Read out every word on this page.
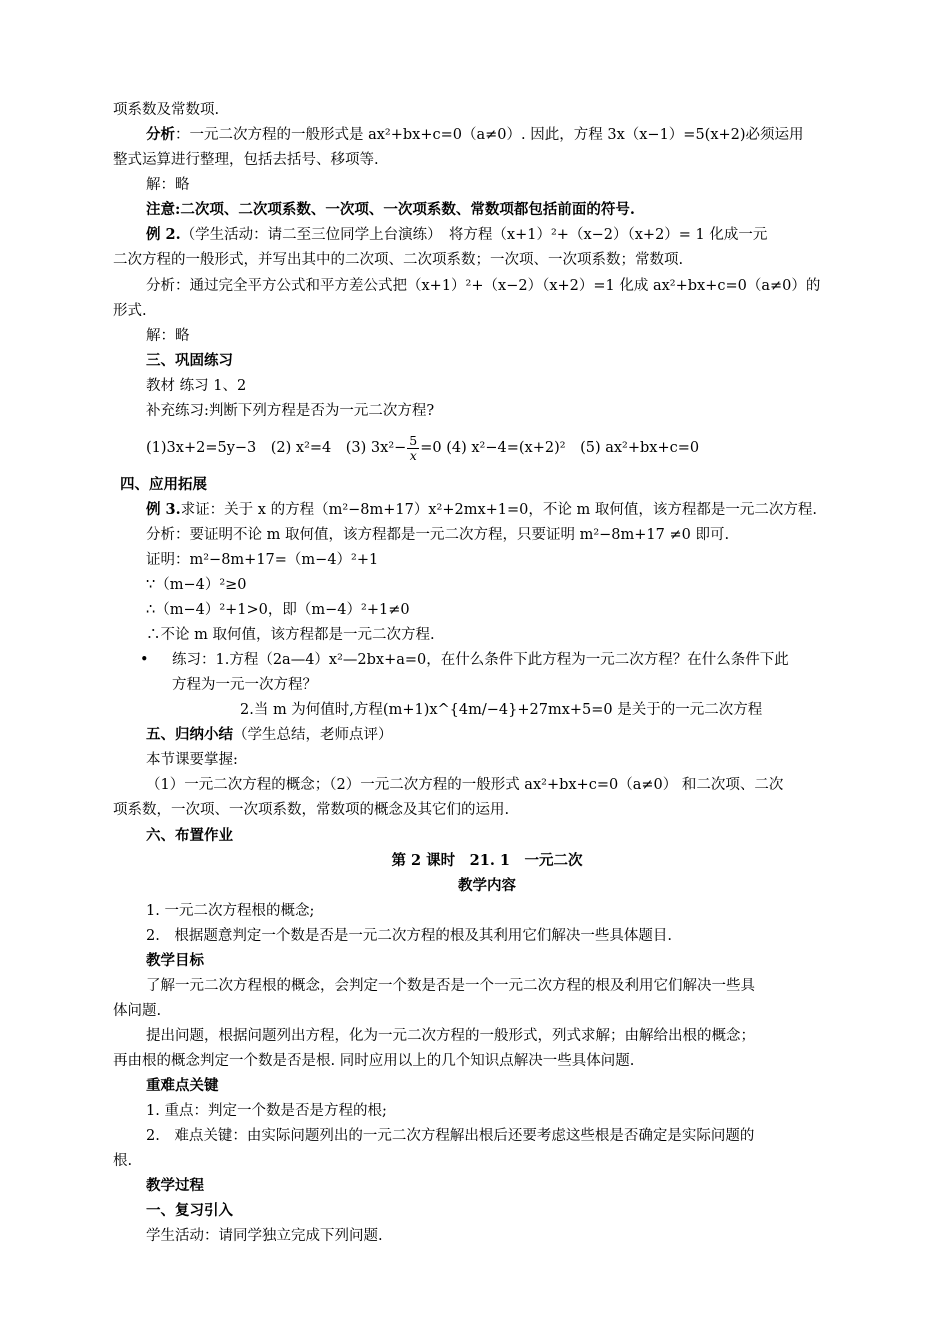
项系数及常数项.
分析：一元二次方程的一般形式是 ax²+bx+c=0（a≠0）. 因此，方程 3x（x−1）=5(x+2)必须运用
整式运算进行整理，包括去括号、移项等.
解：略
注意:二次项、二次项系数、一次项、一次项系数、常数项都包括前面的符号.
例 2.（学生活动：请二至三位同学上台演练）　将方程（x+1）²+（x−2）（x+2）= 1 化成一元
二次方程的一般形式，并写出其中的二次项、二次项系数；一次项、一次项系数；常数项.
分析：通过完全平方公式和平方差公式把（x+1）²+（x−2）（x+2）=1 化成 ax²+bx+c=0（a≠0）的
形式.
解：略
三、巩固练习
教材 练习 1、2
补充练习:判断下列方程是否为一元二次方程?
(1)3x+2=5y−3　(2) x²=4　(3) $3x^2- \frac{5}{x} =0$ (4) x²−4=(x+2)²　(5) ax²+bx+c=0
四、应用拓展
例 3.求证：关于 x 的方程（m²−8m+17）x²+2mx+1=0，不论 m 取何值，该方程都是一元二次方程.
分析：要证明不论 m 取何值，该方程都是一元二次方程，只要证明 m²−8m+17 ≠0 即可.
证明：m²−8m+17=（m−4）²+1
∵（m−4）²≥0
∴（m−4）²+1>0，即（m−4）²+1≠0
∴不论 m 取何值，该方程都是一元二次方程.
• 练习：1.方程（2a—4）x²—2bx+a=0，在什么条件下此方程为一元二次方程？在什么条件下此
方程为一元一次方程？
2.当 m 为何值时,方程(m+1)x^{4m/−4}+27mx+5=0 是关于的一元二次方程
五、归纳小结（学生总结，老师点评）
本节课要掌握:
（1）一元二次方程的概念；（2）一元二次方程的一般形式 ax²+bx+c=0（a≠0） 和二次项、二次
项系数，一次项、一次项系数，常数项的概念及其它们的运用.
六、布置作业
第 2 课时　21. 1　一元二次
教学内容
1. 一元二次方程根的概念;
2.　根据题意判定一个数是否是一元二次方程的根及其利用它们解决一些具体题目.
教学目标
了解一元二次方程根的概念，会判定一个数是否是一个一元二次方程的根及利用它们解决一些具
体问题.
提出问题，根据问题列出方程，化为一元二次方程的一般形式，列式求解；由解给出根的概念；
再由根的概念判定一个数是否是根. 同时应用以上的几个知识点解决一些具体问题.
重难点关键
1. 重点：判定一个数是否是方程的根;
2.　难点关键：由实际问题列出的一元二次方程解出根后还要考虑这些根是否确定是实际问题的
根.
教学过程
一、复习引入
学生活动：请同学独立完成下列问题.
